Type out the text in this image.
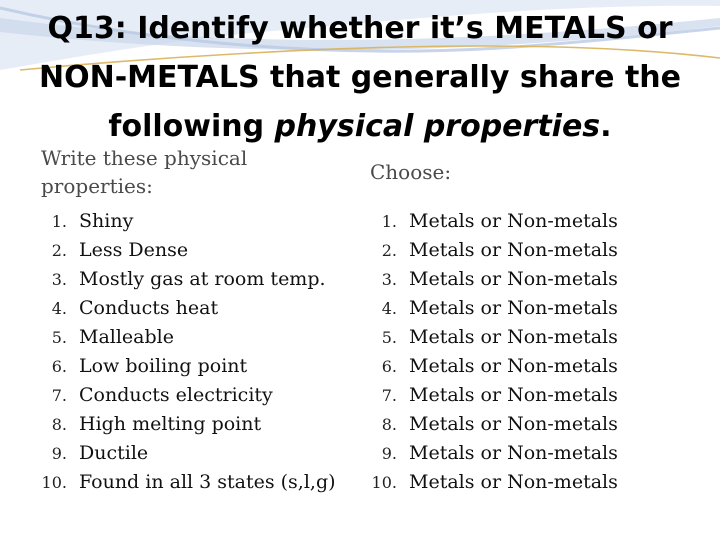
Q13: Identify whether it’s METALS or NON-METALS that generally share the following physical properties.
Write these physical properties:
Choose:
1. Shiny
2. Less Dense
3. Mostly gas at room temp.
4. Conducts heat
5. Malleable
6. Low boiling point
7. Conducts electricity
8. High melting point
9. Ductile
10. Found in all 3 states (s,l,g)
1. Metals or Non-metals
2. Metals or Non-metals
3. Metals or Non-metals
4. Metals or Non-metals
5. Metals or Non-metals
6. Metals or Non-metals
7. Metals or Non-metals
8. Metals or Non-metals
9. Metals or Non-metals
10. Metals or Non-metals
